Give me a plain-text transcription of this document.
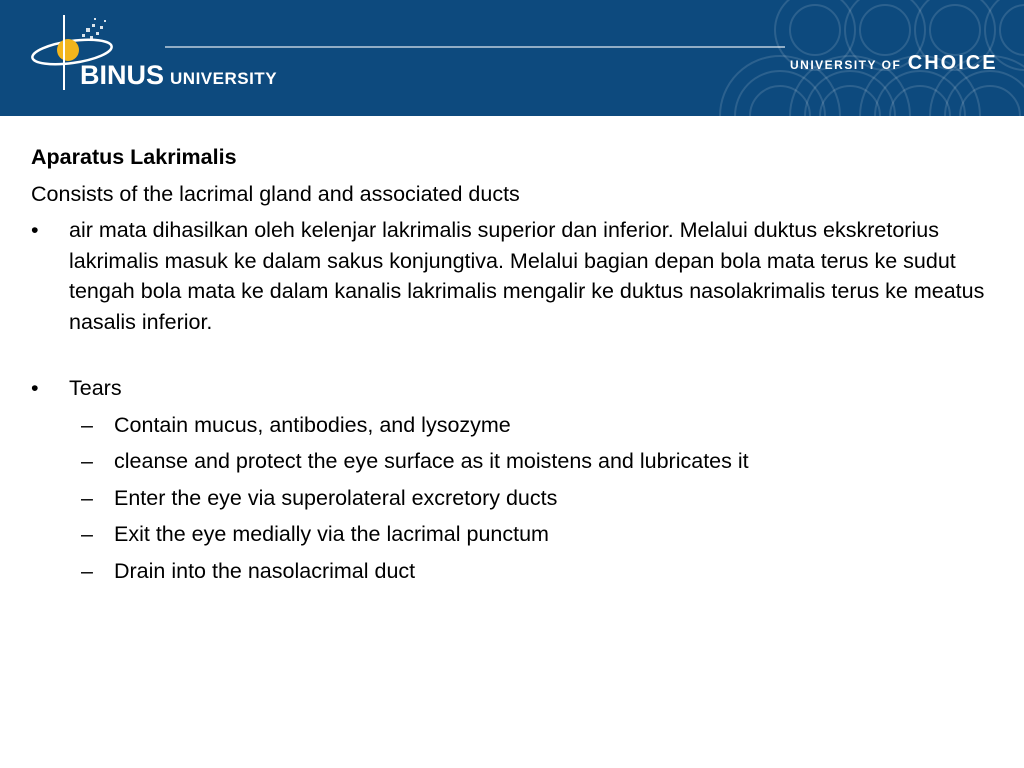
BINUS UNIVERSITY
UNIVERSITY OF CHOICE

Aparatus Lakrimalis

Consists of the lacrimal gland and associated ducts

• air mata dihasilkan oleh kelenjar lakrimalis superior dan inferior. Melalui duktus ekskretorius lakrimalis masuk ke dalam sakus konjungtiva. Melalui bagian depan bola mata terus ke sudut tengah bola mata ke dalam kanalis lakrimalis mengalir ke duktus nasolakrimalis terus ke meatus nasalis inferior.
• Tears
– Contain mucus, antibodies, and lysozyme
– cleanse and protect the eye surface as it moistens and lubricates it
– Enter the eye via superolateral excretory ducts
– Exit the eye medially via the lacrimal punctum
– Drain into the nasolacrimal duct
